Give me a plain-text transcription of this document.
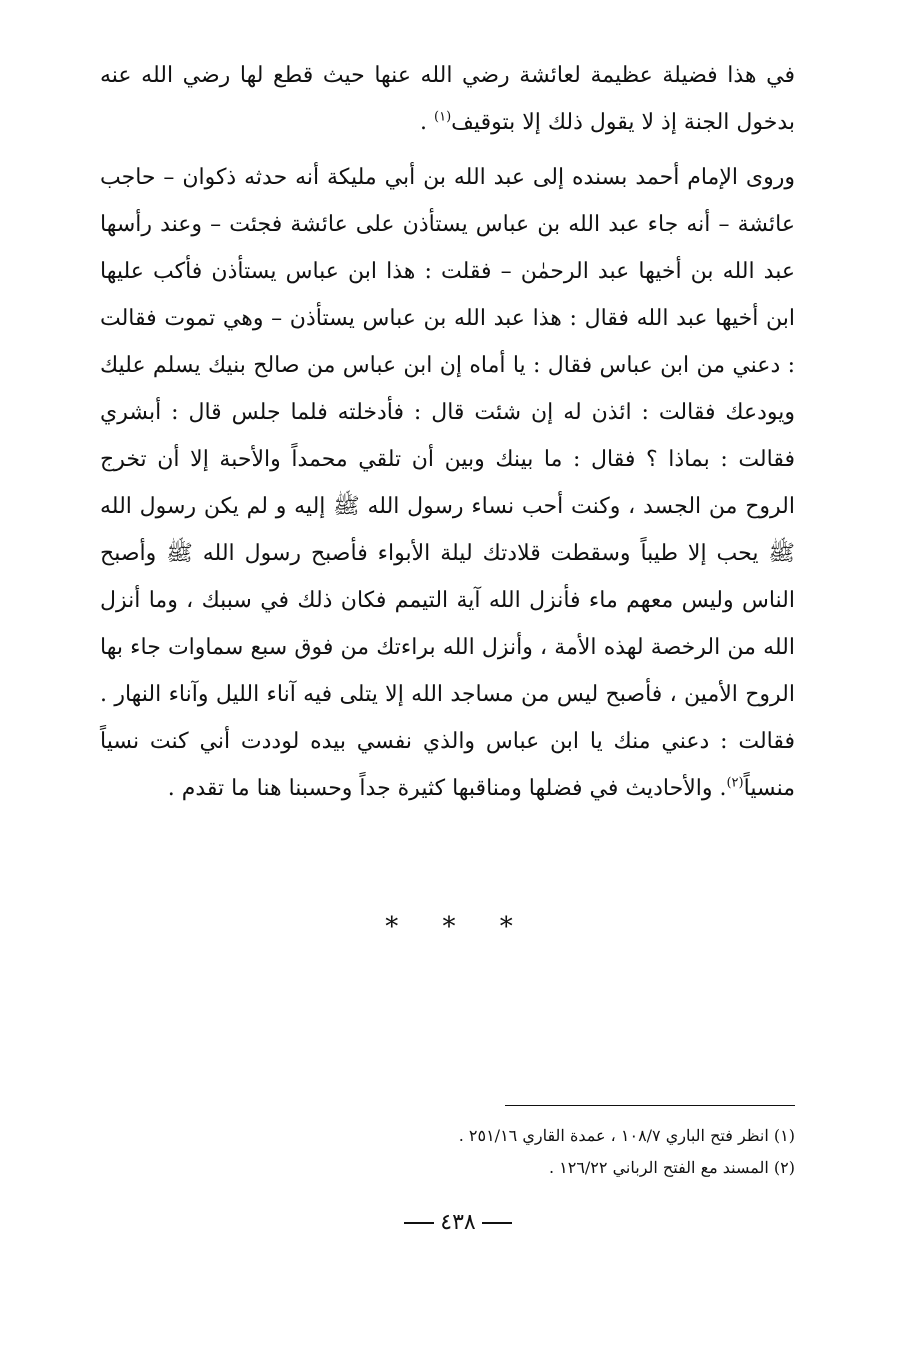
في هذا فضيلة عظيمة لعائشة رضي الله عنها حيث قطع لها رضي الله عنه بدخول الجنة إذ لا يقول ذلك إلا بتوقيف$^{(١)}$ .

وروى الإمام أحمد بسنده إلى عبد الله بن أبي مليكة أنه حدثه ذكوان – حاجب عائشة – أنه جاء عبد الله بن عباس يستأذن على عائشة فجئت – وعند رأسها عبد الله بن أخيها عبد الرحمٰن – فقلت : هذا ابن عباس يستأذن فأكب عليها ابن أخيها عبد الله فقال : هذا عبد الله بن عباس يستأذن – وهي تموت فقالت : دعني من ابن عباس فقال : يا أماه إن ابن عباس من صالح بنيك يسلم عليك ويودعك فقالت : ائذن له إن شئت قال : فأدخلته فلما جلس قال : أبشري فقالت : بماذا ؟ فقال : ما بينك وبين أن تلقي محمداً والأحبة إلا أن تخرج الروح من الجسد ، وكنت أحب نساء رسول الله ﷺ إليه و لم يكن رسول الله ﷺ يحب إلا طيباً وسقطت قلادتك ليلة الأبواء فأصبح رسول الله ﷺ وأصبح الناس وليس معهم ماء فأنزل الله آية التيمم فكان ذلك في سببك ، وما أنزل الله من الرخصة لهذه الأمة ، وأنزل الله براءتك من فوق سبع سماوات جاء بها الروح الأمين ، فأصبح ليس من مساجد الله إلا يتلى فيه آناء الليل وآناء النهار . فقالت : دعني منك يا ابن عباس والذي نفسي بيده لوددت أني كنت نسياً منسياً$^{(٢)}$. والأحاديث في فضلها ومناقبها كثيرة جداً وحسبنا هنا ما تقدم .

* * *
(١) انظر فتح الباري ١٠٨/٧ ، عمدة القاري ٢٥١/١٦ .
(٢) المسند مع الفتح الرباني ١٢٦/٢٢ .
٤٣٨
